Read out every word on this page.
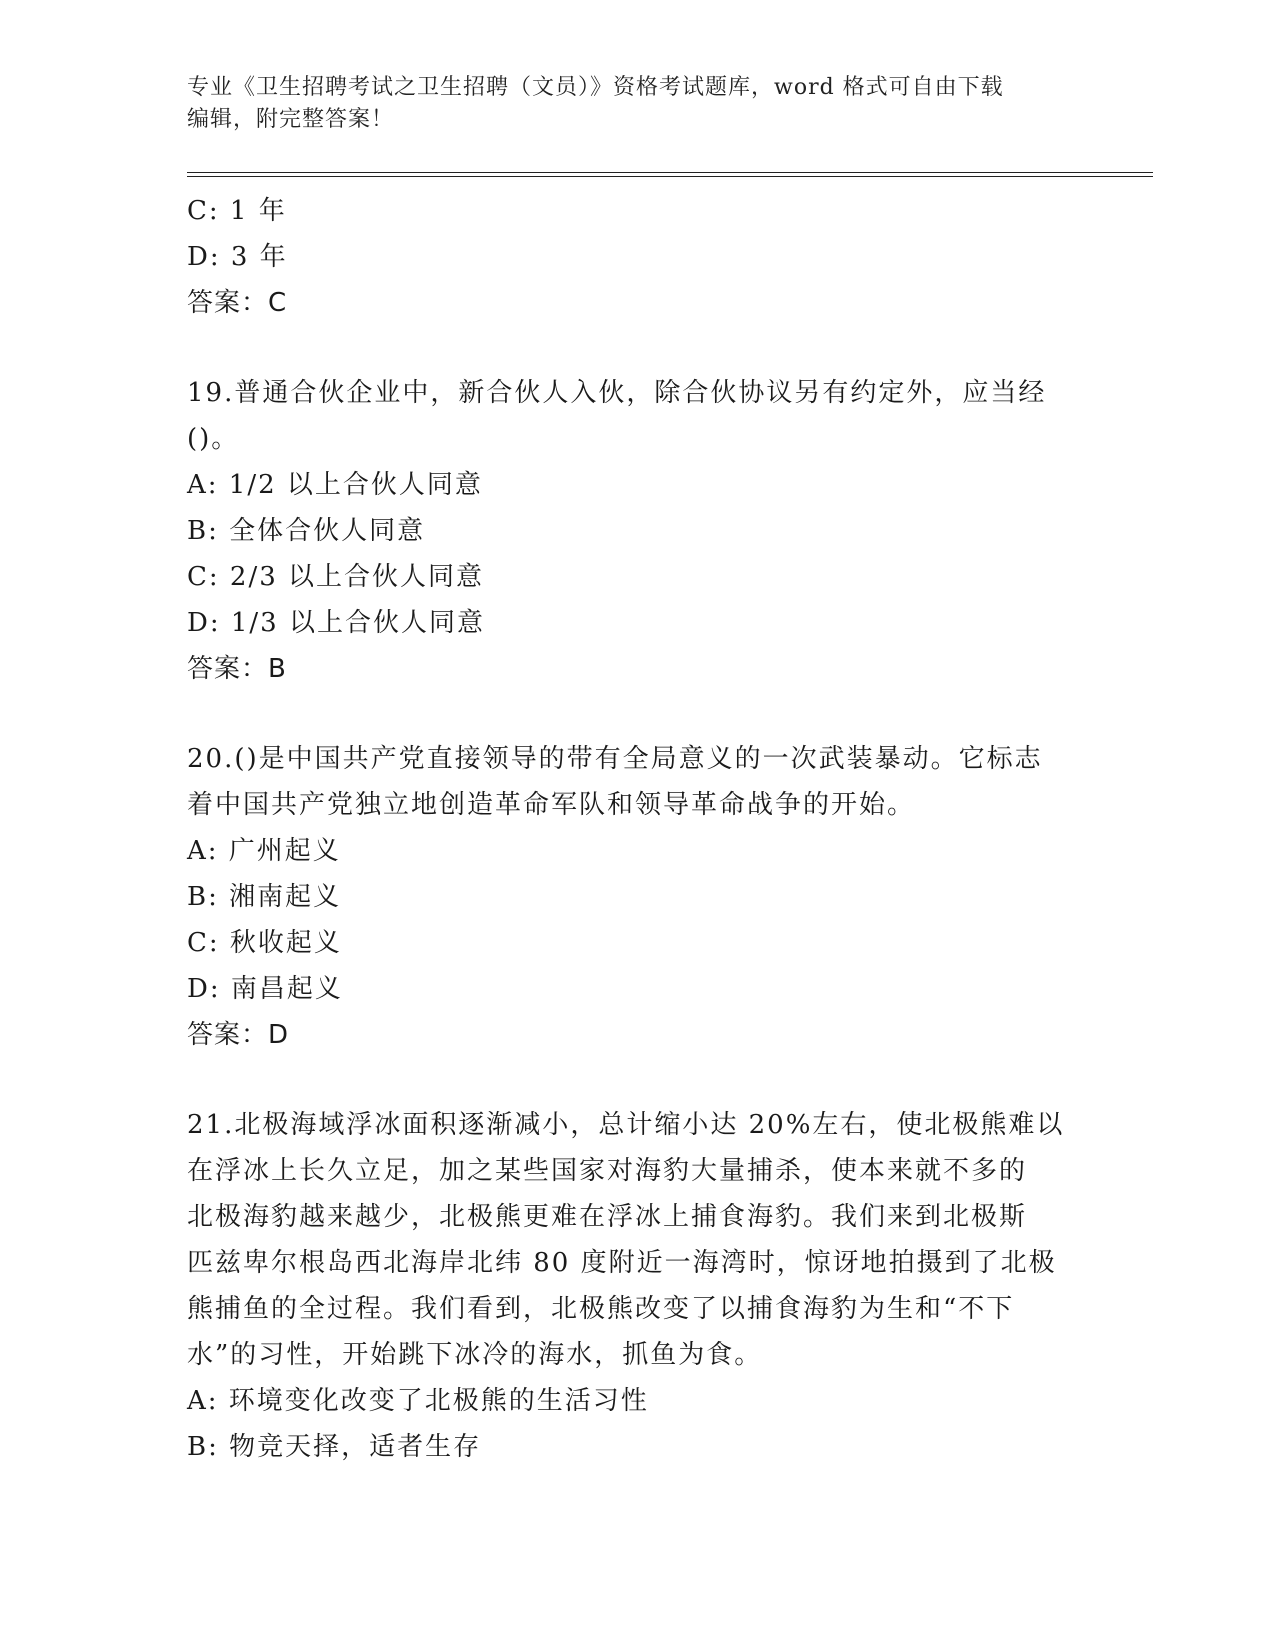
专业《卫生招聘考试之卫生招聘（文员）》资格考试题库，word 格式可自由下载
编辑，附完整答案！
C: 1 年
D: 3 年
答案：C
19.普通合伙企业中，新合伙人入伙，除合伙协议另有约定外，应当经
()。
A: 1/2 以上合伙人同意
B: 全体合伙人同意
C: 2/3 以上合伙人同意
D: 1/3 以上合伙人同意
答案：B
20.()是中国共产党直接领导的带有全局意义的一次武装暴动。它标志
着中国共产党独立地创造革命军队和领导革命战争的开始。
A: 广州起义
B: 湘南起义
C: 秋收起义
D: 南昌起义
答案：D
21.北极海域浮冰面积逐渐减小，总计缩小达 20%左右，使北极熊难以
在浮冰上长久立足，加之某些国家对海豹大量捕杀，使本来就不多的
北极海豹越来越少，北极熊更难在浮冰上捕食海豹。我们来到北极斯
匹兹卑尔根岛西北海岸北纬 80 度附近一海湾时，惊讶地拍摄到了北极
熊捕鱼的全过程。我们看到，北极熊改变了以捕食海豹为生和“不下
水”的习性，开始跳下冰冷的海水，抓鱼为食。
A: 环境变化改变了北极熊的生活习性
B: 物竞天择，适者生存
